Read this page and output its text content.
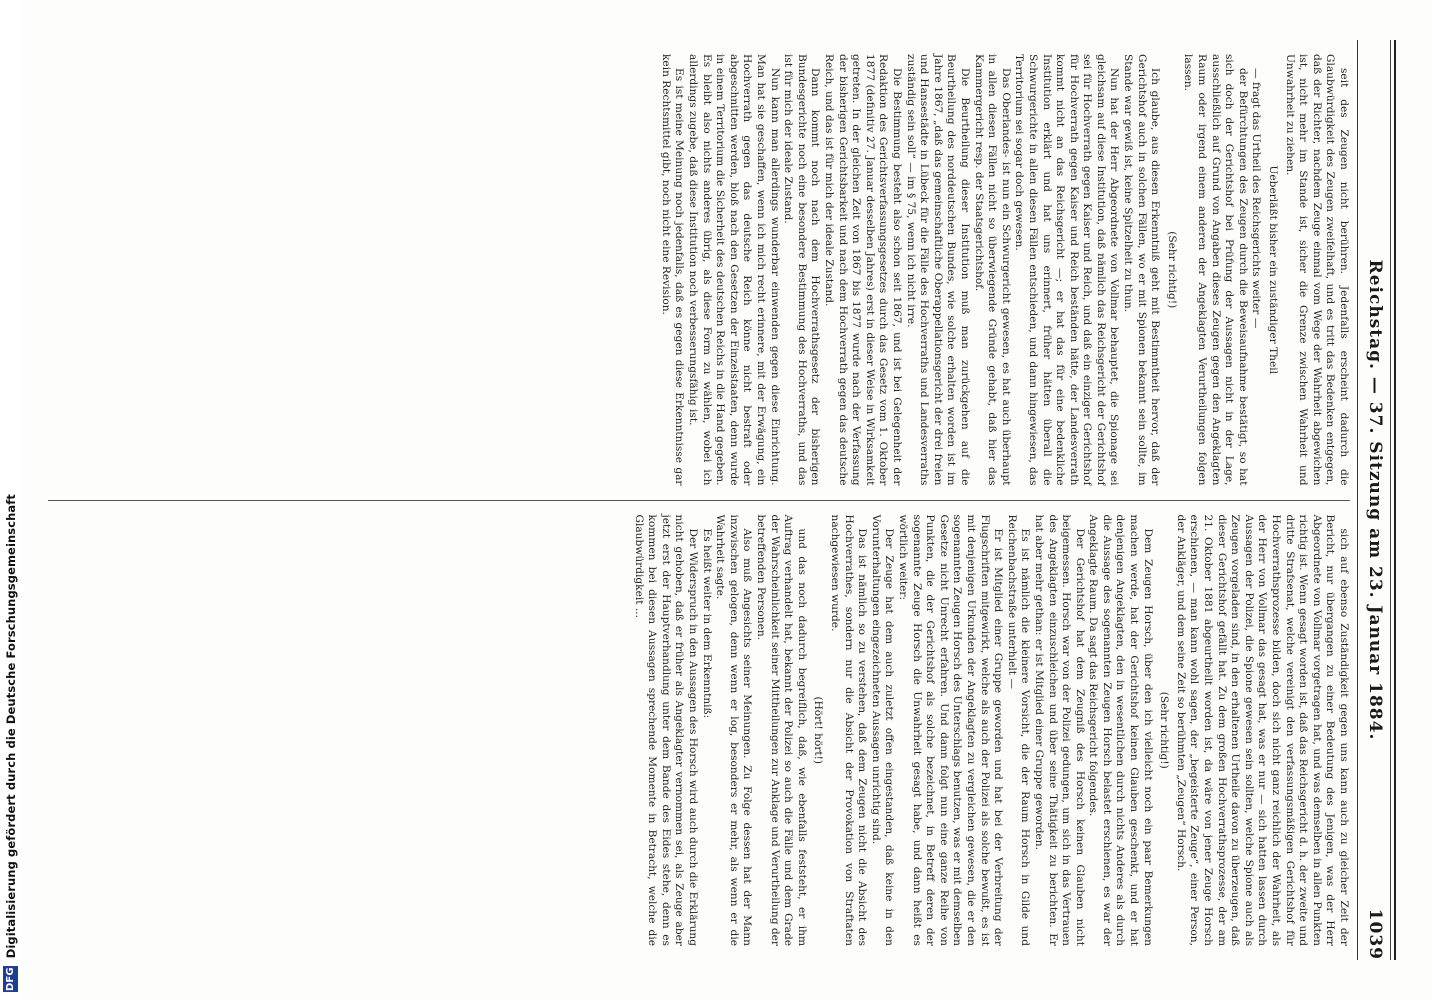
DFG Digitalisierung gefördert durch die Deutsche Forschungsgemeinschaft	Reichstag. — 37. Sitzung am 23. Januar 1884.
1039

seit des Zeugen nicht berühren. Jedenfalls erscheint dadurch die Glaubwürdigkeit des Zeugen zweifelhaft, und es tritt das Bedenken entgegen, daß der Richter, nachdem Zeuge einmal vom Wege der Wahrheit abgewichen ist, nicht mehr im Stande ist, sicher die Grenze zwischen Wahrheit und Unwahrheit zu ziehen.

Ueberläßt bisher ein zuständiger Theil

— fragt das Urtheil des Reichsgerichts weiter —

der Befürchtungen des Zeugen durch die Beweisaufnahme bestätigt, so hat sich doch der Gerichtshof bei Prüfung der Aussagen nicht in der Lage, ausschließlich auf Grund von Angaben dieses Zeugen gegen den Angeklagten Raum oder irgend einem anderen der Angeklagten Verurtheilungen folgen lassen.

(Sehr richtig!)

Ich glaube, aus diesen Erkenntniß geht mit Bestimmtheit hervor, daß der Gerichtshof auch in solchen Fällen, wo er mit Spionen bekannt sein sollte, im Stande war gewiß ist, keine Spitzelheit zu thun.

Nun hat der Herr Abgeordnete von Vollmar behauptet, die Spionage sei gleichsam auf diese Institution, daß nämlich das Reichsgericht der Gerichtshof sei für Hochverrath gegen Kaiser und Reich, und daß ein einziger Gerichtshof für Hochverrath gegen Kaiser und Reich beständen hätte, der Landesverrath kommt nicht an das Reichsgericht —; er hat das für eine bedenkliche Institution erklärt und hat uns erinnert, früher hätten überall die Schwurgerichte in allen diesen Fällen entschieden, und dann hingewiesen, das Territorium sei sogar doch gewesen.

Das Oberlandes- ist nun ein Schwurgericht gewesen, es hat auch überhaupt in allen diesen Fällen nicht so überwiegende Gründe gehabt, daß hier das Kammergericht resp. der Staatsgerichtshof.

Die Beurtheilung dieser Institution muß man zurückgehen auf die Beurtheilung des norddeutschen Bundes, wie solche erhalten worden ist im Jahre 1867, „daß das gemeinschaftliche Oberappellationsgericht der drei freien und Hansestädte in Lübeck für die Fälle des Hochverraths und Landesverraths zuständig sein soll“ — im § 75, wenn ich nicht irre.

Die Bestimmung besteht also schon seit 1867, und ist bei Gelegenheit der Redaktion des Gerichtsverfassungsgesetzes durch das Gesetz vom 1. Oktober 1877 (definitiv 27. Januar desselben Jahres) erst in dieser Weise in Wirksamkeit getreten. In der gleichen Zeit von 1867 bis 1877 wurde nach der Verfassung der bisherigen Gerichtsbarkeit und nach dem Hochverrath gegen das deutsche Reich, und das ist für mich der ideale Zustand.

Dann kommt noch nach dem Hochverrathsgesetz der bisherigen Bundesgerichte noch eine besondere Bestimmung des Hochverraths, und das ist für mich der ideale Zustand.

Nun kann man allerdings wunderbar einwenden gegen diese Einrichtung. Man hat sie geschaffen, wenn ich mich recht erinnere, mit der Erwägung, ein Hochverrath gegen das deutsche Reich könne nicht bestraft oder abgeschnitten werden, bloß nach den Gesetzen der Einzelstaaten, denn wurde in einem Territorium die Sicherheit des deutschen Reichs in die Hand gegeben. Es bleibt also nichts anderes übrig, als diese Form zu wählen, wobei ich allerdings zugebe, daß diese Institution noch verbesserungsfähig ist.

Es ist meine Meinung noch jedenfalls, daß es gegen diese Erkenntnisse gar kein Rechtsmittel gibt, noch nicht eine Revision.

sich auf ebenso Zuständigkeit gegen uns kann auch zu gleicher Zeit der Bericht, nur übergangen zu einer Bedeutung des Jenigen, was der Herr Abgeordnete von Vollmar vorgetragen hat, und was demselben in allen Punkten richtig ist. Wenn gesagt worden ist, daß das Reichsgericht d. h. der zweite und dritte Strafsenat, welche vereinigt den verfassungsmäßigen Gerichtshof für Hochverrathsprozesse bilden, doch sich nicht ganz reichlich der Wahrheit, als der Herr von Vollmar das gesagt hat, was er nur — sich hatten lassen durch Aussagen der Polizei, die Spione gewesen sein sollten, welche Spione auch als Zeugen vorgeladen sind, in den erhaltenen Urtheile davon zu überzeugen, daß dieser Gerichtshof gefällt hat. Zu dem großen Hochverrathsprozesse, der am 21. Oktober 1881 abgeurtheilt worden ist, da wäre von jener Zeuge Horsch erschienen, — man kann wohl sagen, der „begeisterte Zeuge“, einer Person, der Ankläger, und dem seine Zeit so berühmten „Zeugen“ Horsch.

(Sehr richtig!)

Dem Zeugen Horsch, über den ich vielleicht noch ein paar Bemerkungen machen werde, hat der Gerichtshof keinen Glauben geschenkt, und er hat denjenigen Angeklagten, den in wesentlichen durch nichts Anderes als durch die Aussage des sogenannten Zeugen Horsch belastet erschienen, es war der Angeklagte Raum. Da sagt das Reichsgericht folgendes.

Der Gerichtshof hat dem Zeugniß des Horsch keinen Glauben nicht beigemessen. Horsch war von der Polizei gedungen, um sich in das Vertrauen des Angeklagten einzuschleichen und über seine Thätigkeit zu berichten. Er hat aber mehr gethan: er ist Mitglied einer Gruppe geworden.

Es ist nämlich die kleinere Vorsicht, die der Raum Horsch in Gilde und Reichenbachstraße unterhielt —

Er ist Mitglied einer Gruppe geworden und hat bei der Verbreitung der Flugschriften mitgewirkt, welche als auch der Polizei als solche bewußt, es ist mit denjenigen Urkunden der Angeklagten zu vergleichen gewesen, die er den sogenannten Zeugen Horsch des Unterschlags benutzen, was er mit demselben Gesetze nicht Unrecht erfahren. Und dann folgt nun eine ganze Reihe von Punkten, die der Gerichtshof als solche bezeichnet, in Betreff deren der sogenannte Zeuge Horsch die Unwahrheit gesagt habe, und dann heißt es wörtlich weiter:

Der Zeuge hat dem auch zuletzt offen eingestanden, daß keine in den Vorunterhaltungen eingezeichneten Aussagen unrichtig sind.

Das ist nämlich so zu verstehen, daß dem Zeugen nicht die Absicht des Hochverrathes, sondern nur die Absicht der Provokation von Straftaten nachgewiesen wurde.

(Hört! hört!)

und das noch dadurch begreiflich, daß, wie ebenfalls feststeht, er ihm Auftrag verhandelt hat, bekannt der Polizei so auch die Fälle und dem Grade der Wahrscheinlichkeit seiner Mittheilungen zur Anklage und Verurtheilung der betreffenden Personen.

Also muß Angesichts seiner Meinungen. Zu Folge dessen hat der Mann inzwischen gelogen, denn wenn er log, besonders er mehr, als wenn er die Wahrheit sagte.

Es heißt weiter in dem Erkenntniß:

Der Widerspruch in den Aussagen des Horsch wird auch durch die Erklärung nicht gehoben, daß er früher als Angeklagter vernommen sei, als Zeuge aber jetzt erst der Hauptverhandlung unter dem Bande des Eides stehe, denn es kommen bei diesen Aussagen sprechende Momente in Betracht, welche die Glaubwürdigkeit ...
